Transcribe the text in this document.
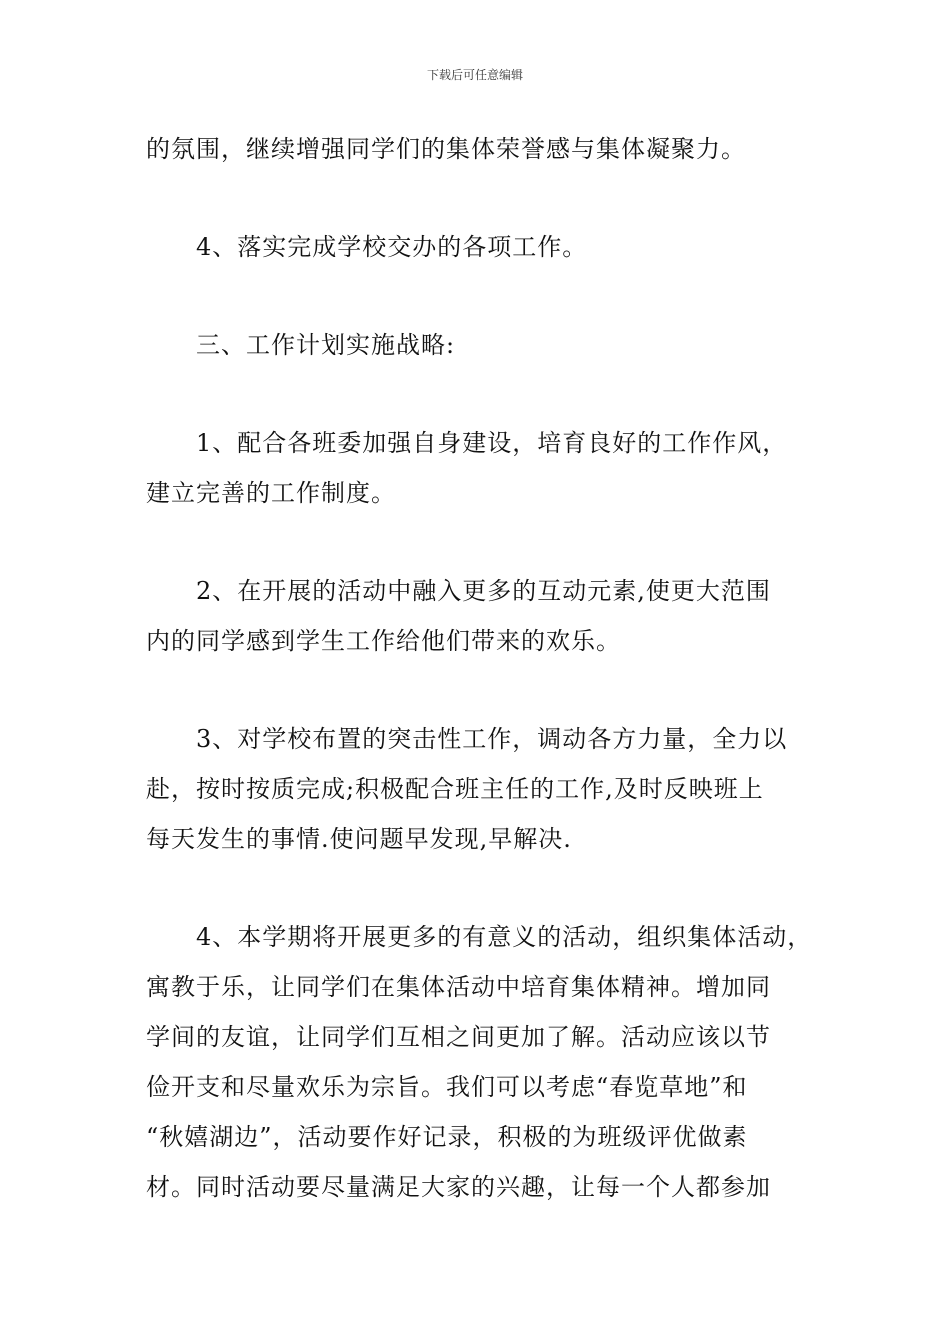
下载后可任意编辑
的氛围，继续增强同学们的集体荣誉感与集体凝聚力。
4、落实完成学校交办的各项工作。
三、工作计划实施战略:
1、配合各班委加强自身建设，培育良好的工作作风，
建立完善的工作制度。
2、在开展的活动中融入更多的互动元素,使更大范围
内的同学感到学生工作给他们带来的欢乐。
3、对学校布置的突击性工作，调动各方力量，全力以
赴，按时按质完成;积极配合班主任的工作,及时反映班上
每天发生的事情.使问题早发现,早解决.
4、本学期将开展更多的有意义的活动，组织集体活动，
寓教于乐，让同学们在集体活动中培育集体精神。增加同
学间的友谊，让同学们互相之间更加了解。活动应该以节
俭开支和尽量欢乐为宗旨。我们可以考虑“春览草地”和
“秋嬉湖边”，活动要作好记录，积极的为班级评优做素
材。同时活动要尽量满足大家的兴趣，让每一个人都参加
